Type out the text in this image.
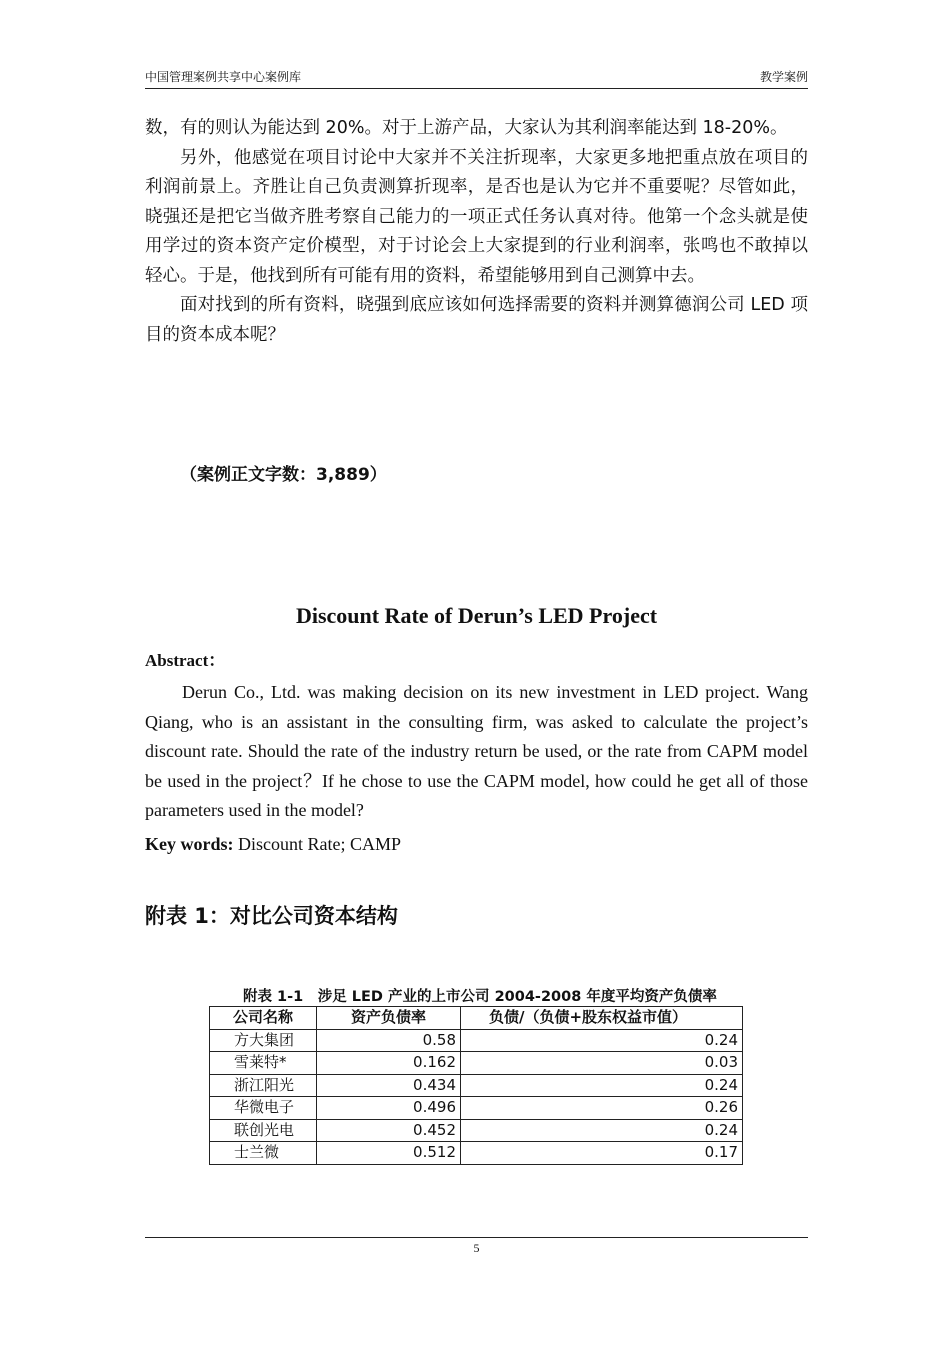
中国管理案例共享中心案例库	教学案例

数，有的则认为能达到 20%。对于上游产品，大家认为其利润率能达到 18-20%。

另外，他感觉在项目讨论中大家并不关注折现率，大家更多地把重点放在项目的利润前景上。齐胜让自己负责测算折现率，是否也是认为它并不重要呢？尽管如此，晓强还是把它当做齐胜考察自己能力的一项正式任务认真对待。他第一个念头就是使用学过的资本资产定价模型，对于讨论会上大家提到的行业利润率，张鸣也不敢掉以轻心。于是，他找到所有可能有用的资料，希望能够用到自己测算中去。

面对找到的所有资料，晓强到底应该如何选择需要的资料并测算德润公司 LED 项目的资本成本呢？

（案例正文字数：3,889）
Discount Rate of Derun’s LED Project
Abstract：
Derun Co., Ltd. was making decision on its new investment in LED project. Wang Qiang, who is an assistant in the consulting firm, was asked to calculate the project’s discount rate. Should the rate of the industry return be used, or the rate from CAPM model be used in the project？If he chose to use the CAPM model, how could he get all of those parameters used in the model?
Key words: Discount Rate; CAMP
附表 1：对比公司资本结构
附表 1-1　涉足 LED 产业的上市公司 2004-2008 年度平均资产负债率
公司名称	资产负债率	负债/（负债+股东权益市值）
方大集团	0.58	0.24
雪莱特*	0.162	0.03
浙江阳光	0.434	0.24
华微电子	0.496	0.26
联创光电	0.452	0.24
士兰微	0.512	0.17
5
